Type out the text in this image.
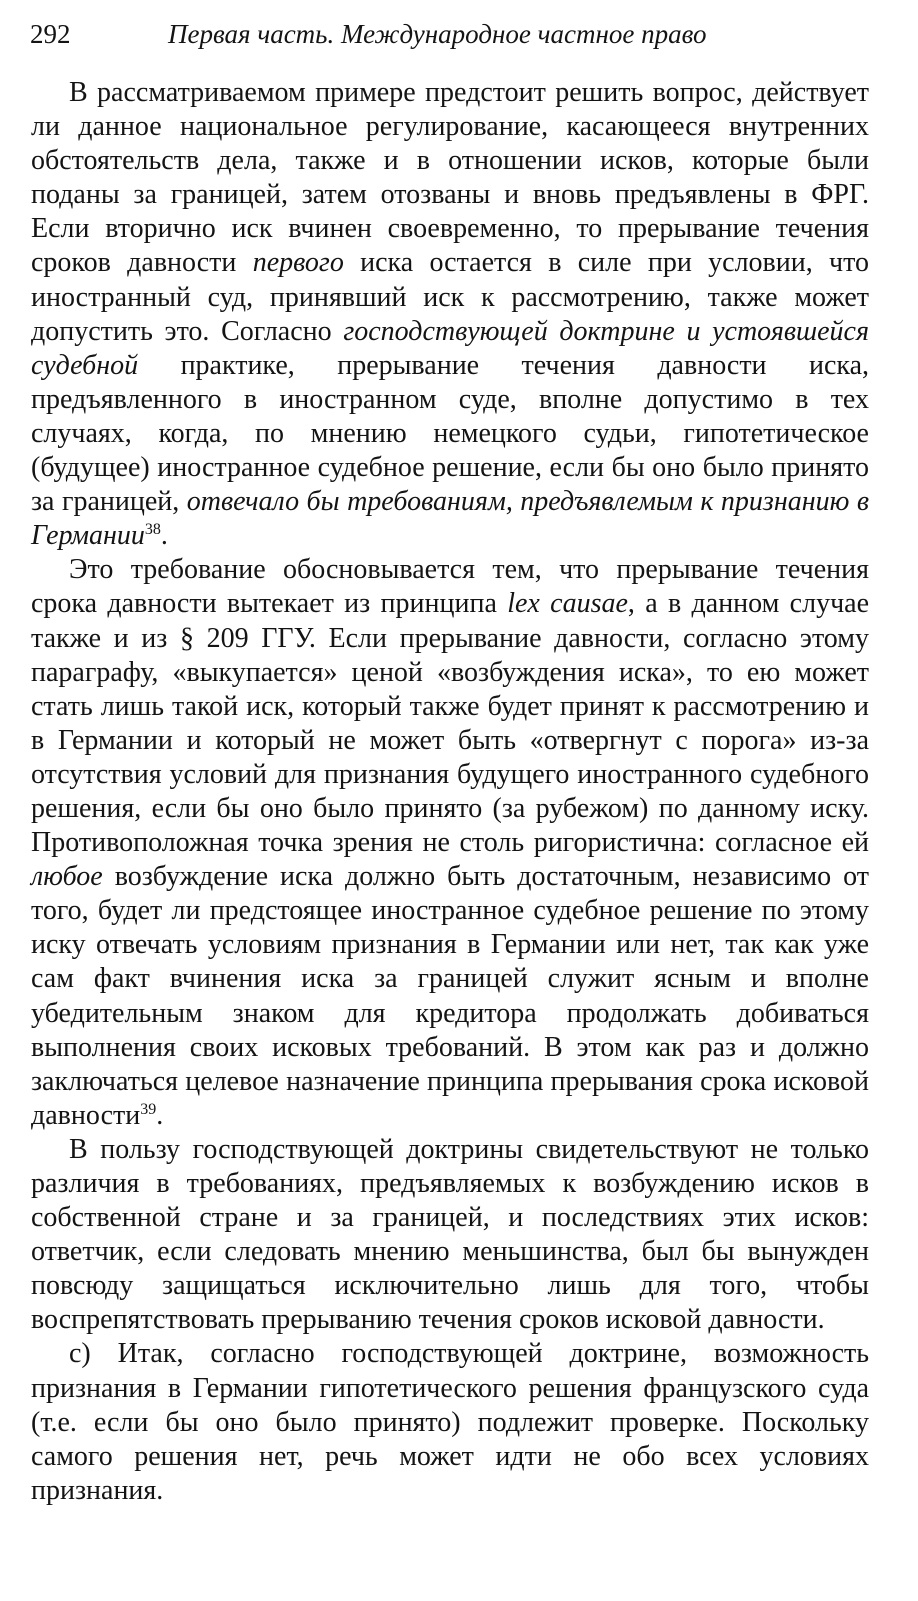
292	Первая часть. Международное частное право

В рассматриваемом примере предстоит решить вопрос, действует ли данное национальное регулирование, касающееся внутренних обстоятельств дела, также и в отношении исков, которые были поданы за границей, затем отозваны и вновь предъявлены в ФРГ. Если вторично иск вчинен своевременно, то прерывание течения сроков давности первого иска остается в силе при условии, что иностранный суд, принявший иск к рассмотрению, также может допустить это. Согласно господствующей доктрине и устоявшейся судебной практике, прерывание течения давности иска, предъявленного в иностранном суде, вполне допустимо в тех случаях, когда, по мнению немецкого судьи, гипотетическое (будущее) иностранное судебное решение, если бы оно было принято за границей, отвечало бы требованиям, предъявлемым к признанию в Германии$^{38}$.

Это требование обосновывается тем, что прерывание течения срока давности вытекает из принципа lex causae, а в данном случае также и из § 209 ГГУ. Если прерывание давности, согласно этому параграфу, «выкупается» ценой «возбуждения иска», то ею может стать лишь такой иск, который также будет принят к рассмотрению и в Германии и который не может быть «отвергнут с порога» из-за отсутствия условий для признания будущего иностранного судебного решения, если бы оно было принято (за рубежом) по данному иску. Противоположная точка зрения не столь ригористична: согласное ей любое возбуждение иска должно быть достаточным, независимо от того, будет ли предстоящее иностранное судебное решение по этому иску отвечать условиям признания в Германии или нет, так как уже сам факт вчинения иска за границей служит ясным и вполне убедительным знаком для кредитора продолжать добиваться выполнения своих исковых требований. В этом как раз и должно заключаться целевое назначение принципа прерывания срока исковой давности$^{39}$.

В пользу господствующей доктрины свидетельствуют не только различия в требованиях, предъявляемых к возбуждению исков в собственной стране и за границей, и последствиях этих исков: ответчик, если следовать мнению меньшинства, был бы вынужден повсюду защищаться исключительно лишь для того, чтобы воспрепятствовать прерыванию течения сроков исковой давности.

с) Итак, согласно господствующей доктрине, возможность признания в Германии гипотетического решения французского суда (т.е. если бы оно было принято) подлежит проверке. Поскольку самого решения нет, речь может идти не обо всех условиях признания.
